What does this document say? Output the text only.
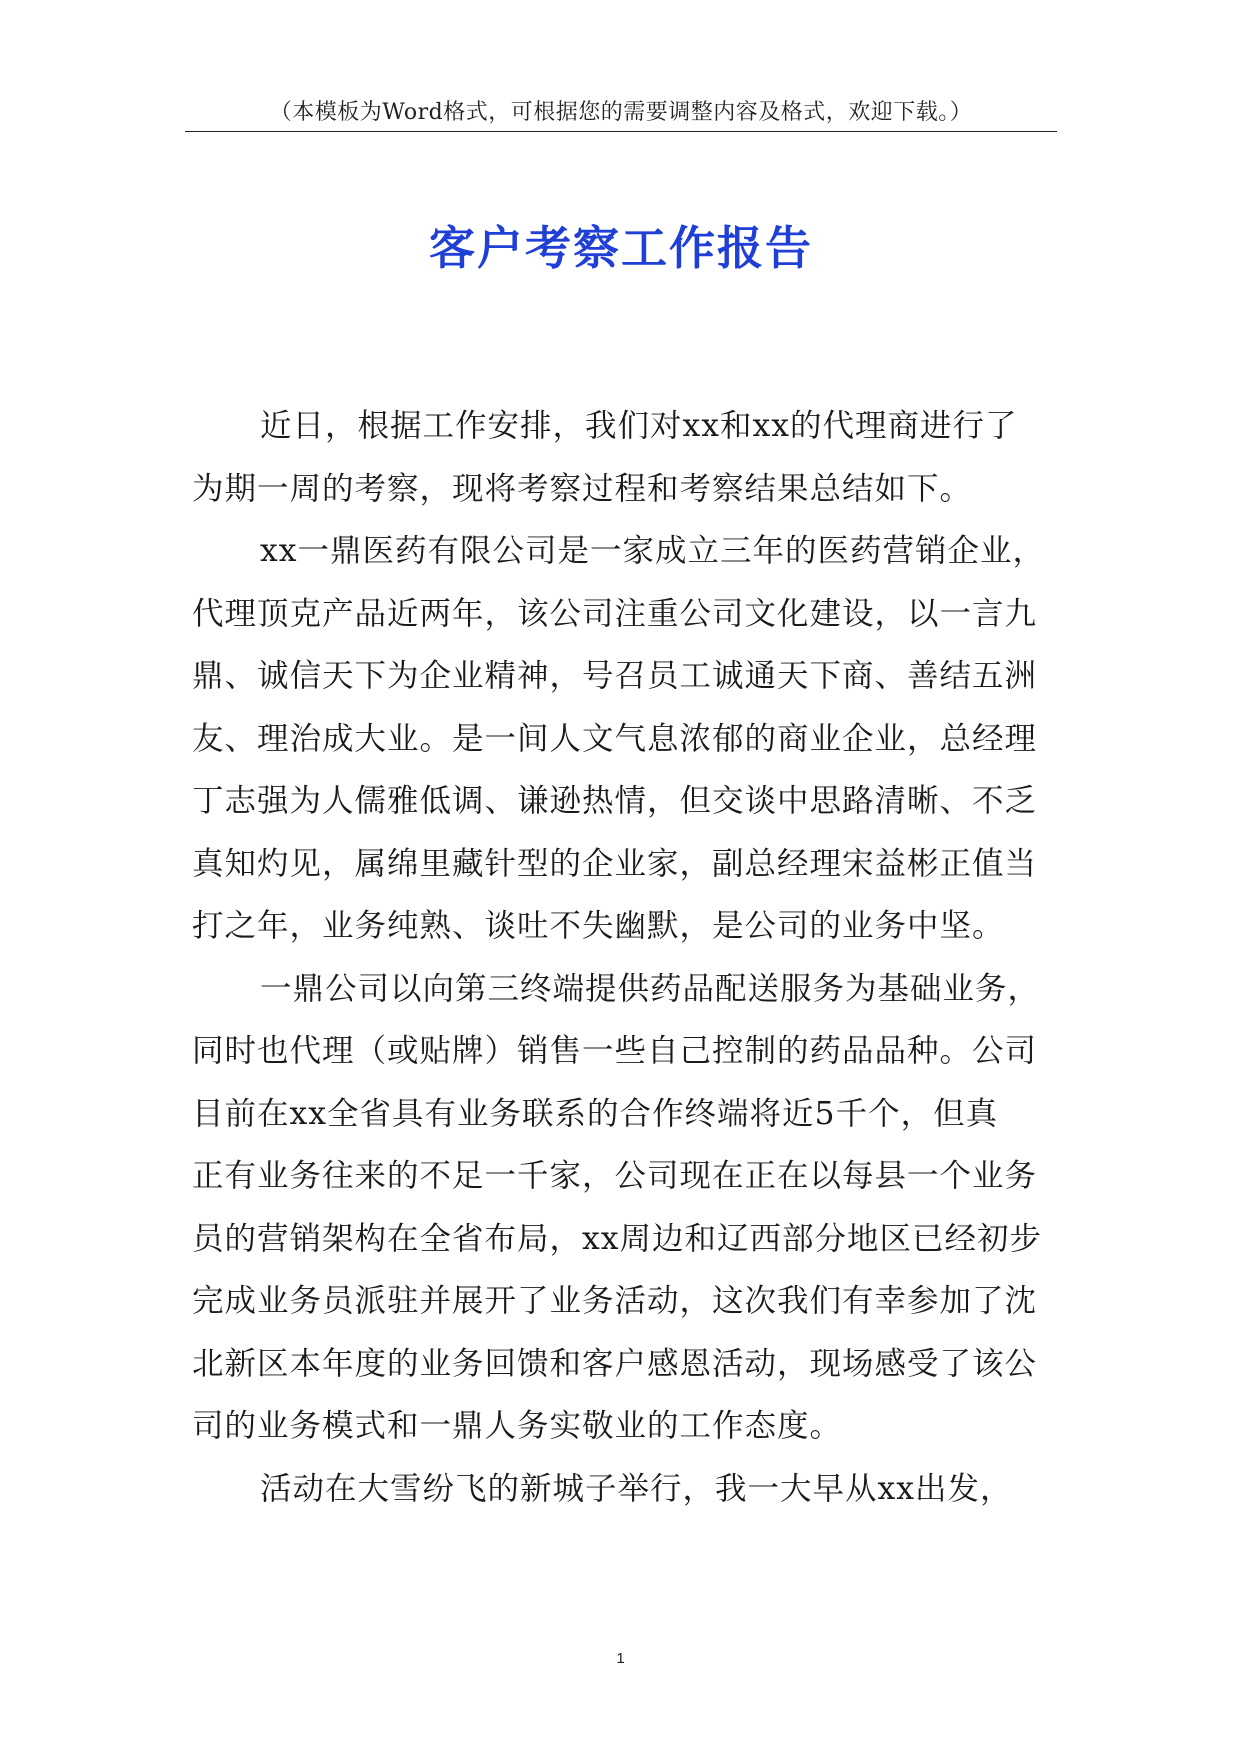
（本模板为Word格式，可根据您的需要调整内容及格式，欢迎下载。）
客户考察工作报告
近日，根据工作安排，我们对xx和xx的代理商进行了
为期一周的考察，现将考察过程和考察结果总结如下。
xx一鼎医药有限公司是一家成立三年的医药营销企业，
代理顶克产品近两年，该公司注重公司文化建设，以一言九
鼎、诚信天下为企业精神，号召员工诚通天下商、善结五洲
友、理治成大业。是一间人文气息浓郁的商业企业，总经理
丁志强为人儒雅低调、谦逊热情，但交谈中思路清晰、不乏
真知灼见，属绵里藏针型的企业家，副总经理宋益彬正值当
打之年，业务纯熟、谈吐不失幽默，是公司的业务中坚。
一鼎公司以向第三终端提供药品配送服务为基础业务，
同时也代理（或贴牌）销售一些自己控制的药品品种。公司
目前在xx全省具有业务联系的合作终端将近5千个，但真
正有业务往来的不足一千家，公司现在正在以每县一个业务
员的营销架构在全省布局，xx周边和辽西部分地区已经初步
完成业务员派驻并展开了业务活动，这次我们有幸参加了沈
北新区本年度的业务回馈和客户感恩活动，现场感受了该公
司的业务模式和一鼎人务实敬业的工作态度。
活动在大雪纷飞的新城子举行，我一大早从xx出发，
1
